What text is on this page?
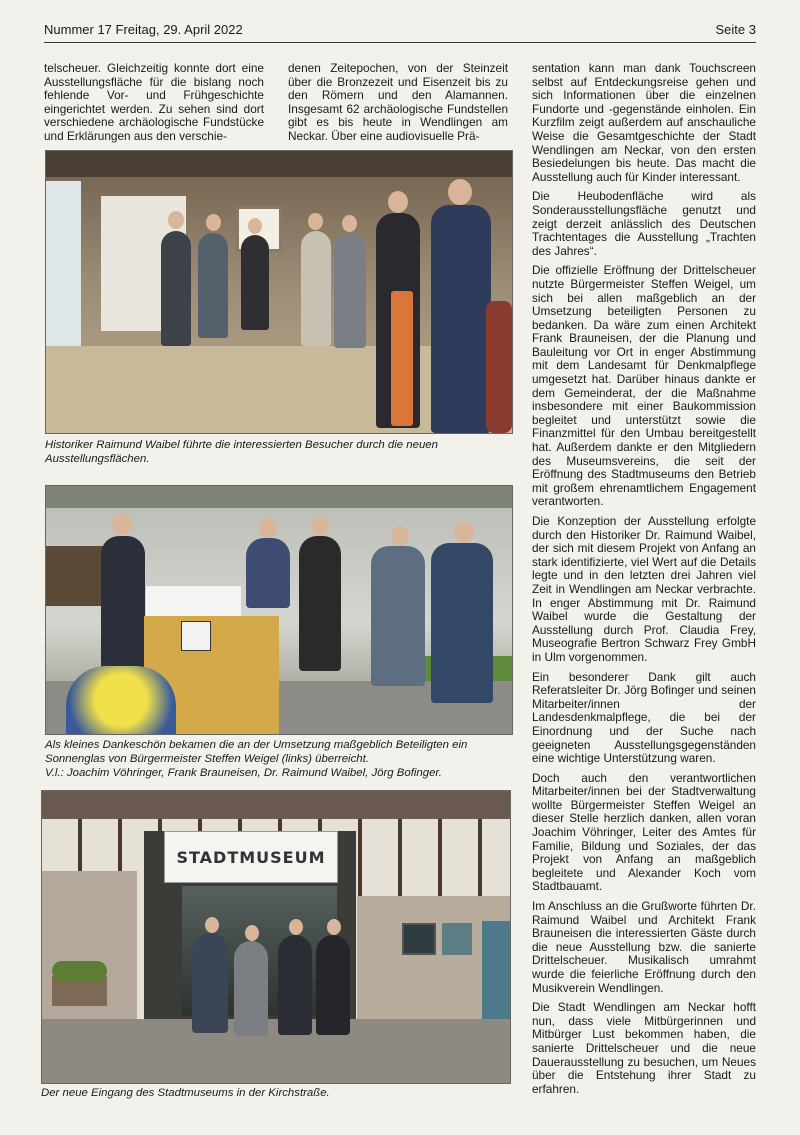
Nummer 17 Freitag, 29. April 2022	Seite 3
telscheuer. Gleichzeitig konnte dort eine Ausstellungsfläche für die bislang noch fehlende Vor- und Frühgeschichte eingerichtet werden. Zu sehen sind dort verschiedene archäologische Fundstücke und Erklärungen aus den verschie-
denen Zeitepochen, von der Steinzeit über die Bronzezeit und Eisenzeit bis zu den Römern und den Alamannen. Insgesamt 62 archäologische Fundstellen gibt es bis heute in Wendlingen am Neckar. Über eine audiovisuelle Prä-

sentation kann man dank Touchscreen selbst auf Entdeckungsreise gehen und sich Informationen über die einzelnen Fundorte und -gegenstände einholen. Ein Kurzfilm zeigt außerdem auf anschauliche Weise die Gesamtgeschichte der Stadt Wendlingen am Neckar, von den ersten Besiedelungen bis heute. Das macht die Ausstellung auch für Kinder interessant.

Die Heubodenfläche wird als Sonderausstellungsfläche genutzt und zeigt derzeit anlässlich des Deutschen Trachtentages die Ausstellung „Trachten des Jahres“.

Die offizielle Eröffnung der Drittelscheuer nutzte Bürgermeister Steffen Weigel, um sich bei allen maßgeblich an der Umsetzung beteiligten Personen zu bedanken. Da wäre zum einen Architekt Frank Brauneisen, der die Planung und Bauleitung vor Ort in enger Abstimmung mit dem Landesamt für Denkmalpflege umgesetzt hat. Darüber hinaus dankte er dem Gemeinderat, der die Maßnahme insbesondere mit einer Baukommission begleitet und unterstützt sowie die Finanzmittel für den Umbau bereitgestellt hat. Außerdem dankte er den Mitgliedern des Museumsvereins, die seit der Eröffnung des Stadtmuseums den Betrieb mit großem ehrenamtlichem Engagement verantworten.

Die Konzeption der Ausstellung erfolgte durch den Historiker Dr. Raimund Waibel, der sich mit diesem Projekt von Anfang an stark identifizierte, viel Wert auf die Details legte und in den letzten drei Jahren viel Zeit in Wendlingen am Neckar verbrachte. In enger Abstimmung mit Dr. Raimund Waibel wurde die Gestaltung der Ausstellung durch Prof. Claudia Frey, Museografie Bertron Schwarz Frey GmbH in Ulm vorgenommen.

Ein besonderer Dank gilt auch Referatsleiter Dr. Jörg Bofinger und seinen Mitarbeiter/innen der Landesdenkmalpflege, die bei der Einordnung und der Suche nach geeigneten Ausstellungsgegenständen eine wichtige Unterstützung waren.

Doch auch den verantwortlichen Mitarbeiter/innen bei der Stadtverwaltung wollte Bürgermeister Steffen Weigel an dieser Stelle herzlich danken, allen voran Joachim Vöhringer, Leiter des Amtes für Familie, Bildung und Soziales, der das Projekt von Anfang an maßgeblich begleitete und Alexander Koch vom Stadtbauamt.

Im Anschluss an die Grußworte führten Dr. Raimund Waibel und Architekt Frank Brauneisen die interessierten Gäste durch die neue Ausstellung bzw. die sanierte Drittelscheuer. Musikalisch umrahmt wurde die feierliche Eröffnung durch den Musikverein Wendlingen.

Die Stadt Wendlingen am Neckar hofft nun, dass viele Mitbürgerinnen und Mitbürger Lust bekommen haben, die sanierte Drittelscheuer und die neue Dauerausstellung zu besuchen, um Neues über die Entstehung ihrer Stadt zu erfahren.

Historiker Raimund Waibel führte die interessierten Besucher durch die neuen Ausstellungsflächen.
Als kleines Dankeschön bekamen die an der Umsetzung maßgeblich Beteiligten ein Sonnenglas von Bürgermeister Steffen Weigel (links) überreicht.
V.l.: Joachim Vöhringer, Frank Brauneisen, Dr. Raimund Waibel, Jörg Bofinger.
STADTMUSEUM
Der neue Eingang des Stadtmuseums in der Kirchstraße.
